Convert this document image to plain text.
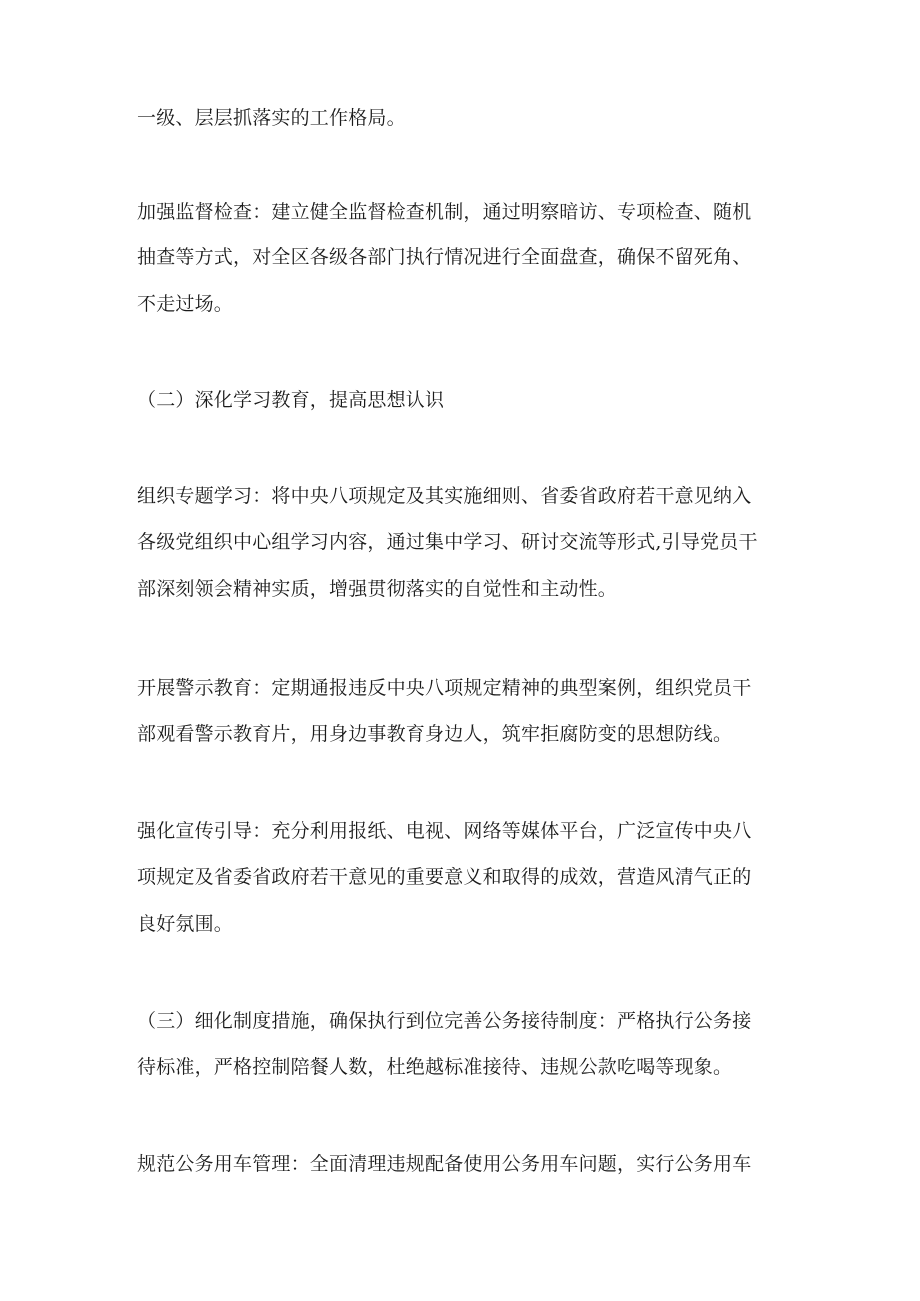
一级、层层抓落实的工作格局。
加强监督检查：建立健全监督检查机制，通过明察暗访、专项检查、随机
抽查等方式，对全区各级各部门执行情况进行全面盘查，确保不留死角、
不走过场。
（二）深化学习教育，提高思想认识
组织专题学习：将中央八项规定及其实施细则、省委省政府若干意见纳入
各级党组织中心组学习内容，通过集中学习、研讨交流等形式,引导党员干
部深刻领会精神实质，增强贯彻落实的自觉性和主动性。
开展警示教育：定期通报违反中央八项规定精神的典型案例，组织党员干
部观看警示教育片，用身边事教育身边人，筑牢拒腐防变的思想防线。
强化宣传引导：充分利用报纸、电视、网络等媒体平台，广泛宣传中央八
项规定及省委省政府若干意见的重要意义和取得的成效，营造风清气正的
良好氛围。
（三）细化制度措施，确保执行到位完善公务接待制度：严格执行公务接
待标准，严格控制陪餐人数，杜绝越标准接待、违规公款吃喝等现象。
规范公务用车管理：全面清理违规配备使用公务用车问题，实行公务用车
